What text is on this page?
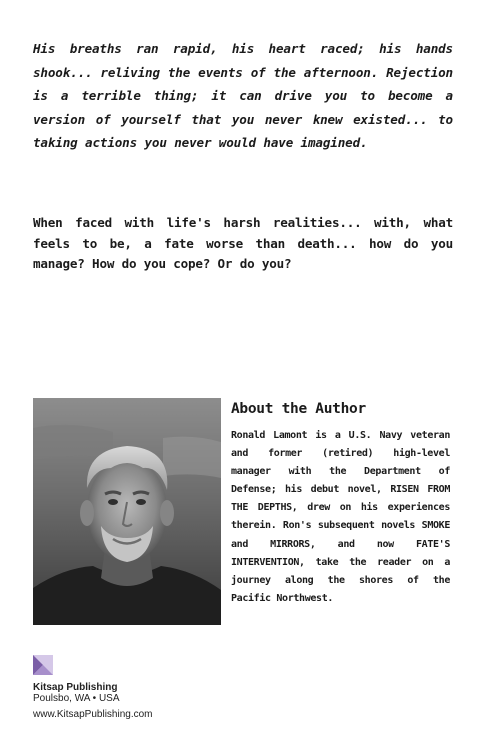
His breaths ran rapid, his heart raced; his hands shook... reliving the events of the afternoon. Rejection is a terrible thing; it can drive you to become a version of yourself that you never knew existed... to taking actions you never would have imagined.

When faced with life's harsh realities... with, what feels to be, a fate worse than death... how do you manage? How do you cope? Or do you?

About the Author

Ronald Lamont is a U.S. Navy veteran and former (retired) high-level manager with the Department of Defense; his debut novel, RISEN FROM THE DEPTHS, drew on his experiences therein. Ron's subsequent novels SMOKE and MIRRORS, and now FATE'S INTERVENTION, take the reader on a journey along the shores of the Pacific Northwest.

Kitsap Publishing
Poulsbo, WA • USA
www.KitsapPublishing.com
